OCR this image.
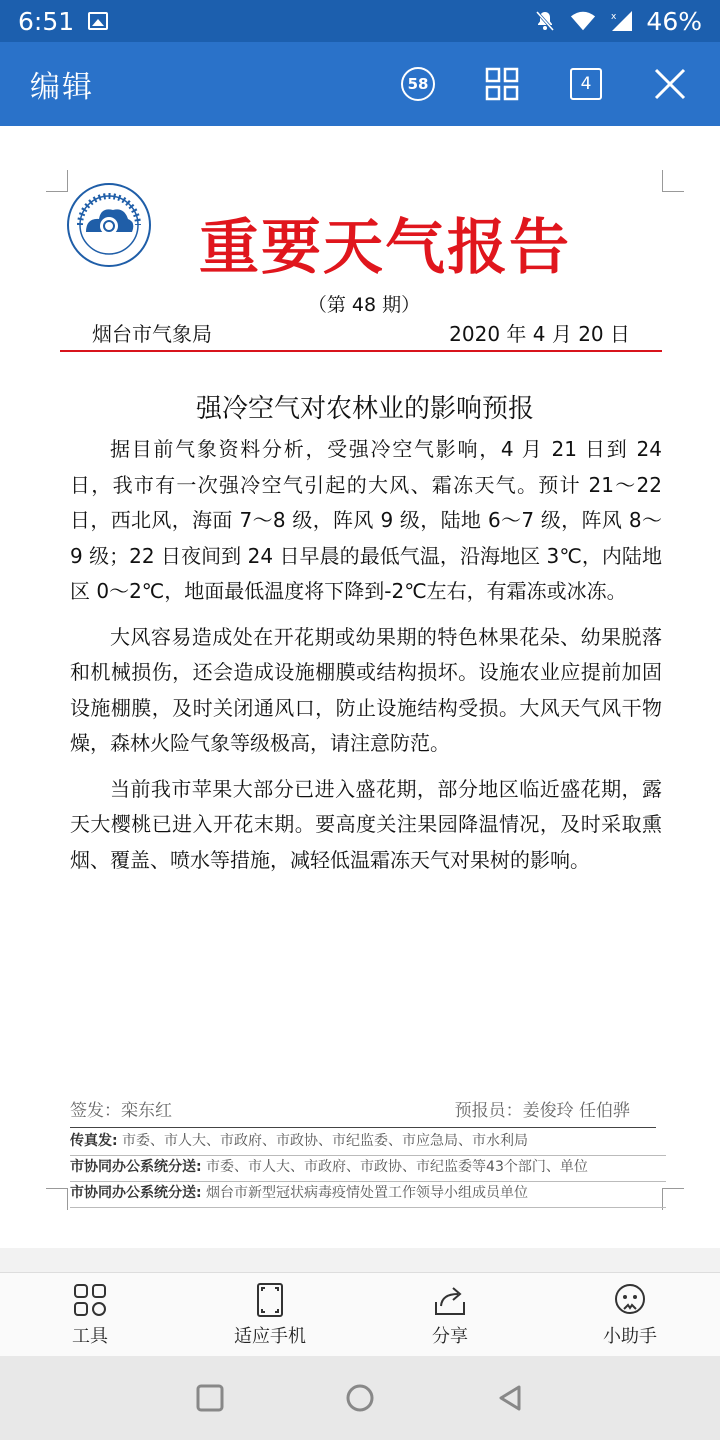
6:51	x 46%
编辑	58	4
重要天气报告
（第 48 期）
烟台市气象局	2020 年 4 月 20 日
强冷空气对农林业的影响预报

据目前气象资料分析，受强冷空气影响，4 月 21 日到 24 日，我市有一次强冷空气引起的大风、霜冻天气。预计 21～22 日，西北风，海面 7～8 级，阵风 9 级，陆地 6～7 级，阵风 8～9 级；22 日夜间到 24 日早晨的最低气温，沿海地区 3℃，内陆地区 0～2℃，地面最低温度将下降到-2℃左右，有霜冻或冰冻。

大风容易造成处在开花期或幼果期的特色林果花朵、幼果脱落和机械损伤，还会造成设施棚膜或结构损坏。设施农业应提前加固设施棚膜，及时关闭通风口，防止设施结构受损。大风天气风干物燥，森林火险气象等级极高，请注意防范。

当前我市苹果大部分已进入盛花期，部分地区临近盛花期，露天大樱桃已进入开花末期。要高度关注果园降温情况，及时采取熏烟、覆盖、喷水等措施，减轻低温霜冻天气对果树的影响。

签发：栾东红	预报员：姜俊玲 任伯骅
传真发: 市委、市人大、市政府、市政协、市纪监委、市应急局、市水利局
市协同办公系统分送: 市委、市人大、市政府、市政协、市纪监委等43个部门、单位
市协同办公系统分送: 烟台市新型冠状病毒疫情处置工作领导小组成员单位
工具	适应手机	分享	小助手
